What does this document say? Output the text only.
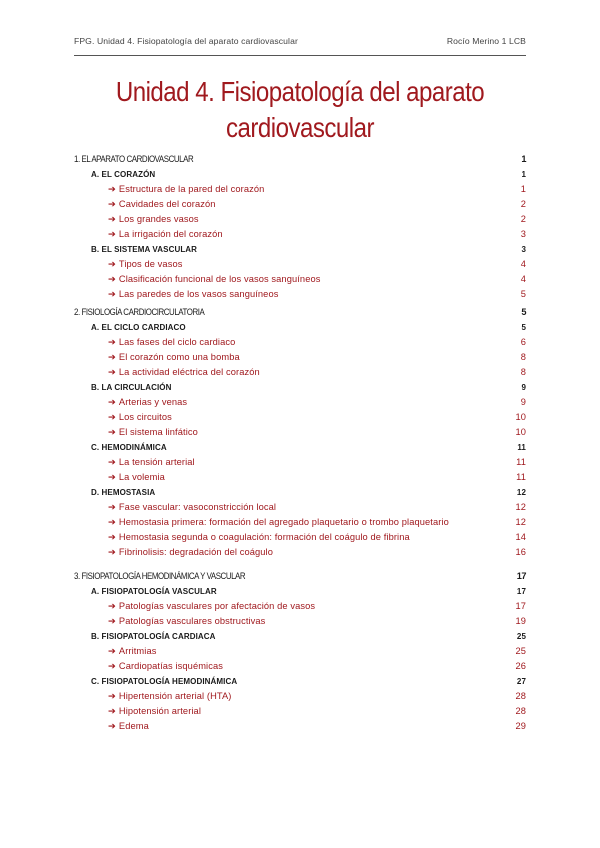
FPG. Unidad 4. Fisiopatología del aparato cardiovascular	Rocío Merino 1 LCB
Unidad 4. Fisiopatología del aparato
cardiovascular
1. EL APARATO CARDIOVASCULAR	1
A. EL CORAZÓN	1
➔ Estructura de la pared del corazón	1
➔ Cavidades del corazón	2
➔ Los grandes vasos	2
➔ La irrigación del corazón	3
B. EL SISTEMA VASCULAR	3
➔ Tipos de vasos	4
➔ Clasificación funcional de los vasos sanguíneos	4
➔ Las paredes de los vasos sanguíneos	5
2. FISIOLOGÍA CARDIOCIRCULATORIA	5
A. EL CICLO CARDIACO	5
➔ Las fases del ciclo cardiaco	6
➔ El corazón como una bomba	8
➔ La actividad eléctrica del corazón	8
B. LA CIRCULACIÓN	9
➔ Arterias y venas	9
➔ Los circuitos	10
➔ El sistema linfático	10
C. HEMODINÁMICA	11
➔ La tensión arterial	11
➔ La volemia	11
D. HEMOSTASIA	12
➔ Fase vascular: vasoconstricción local	12
➔ Hemostasia primera: formación del agregado plaquetario o trombo plaquetario	12
➔ Hemostasia segunda o coagulación: formación del coágulo de fibrina	14
➔ Fibrinolisis: degradación del coágulo	16
3. FISIOPATOLOGÍA HEMODINÁMICA Y VASCULAR	17
A. FISIOPATOLOGÍA VASCULAR	17
➔ Patologías vasculares por afectación de vasos	17
➔ Patologías vasculares obstructivas	19
B. FISIOPATOLOGÍA CARDIACA	25
➔ Arritmias	25
➔ Cardiopatías isquémicas	26
C. FISIOPATOLOGÍA HEMODINÁMICA	27
➔ Hipertensión arterial (HTA)	28
➔ Hipotensión arterial	28
➔ Edema	29
